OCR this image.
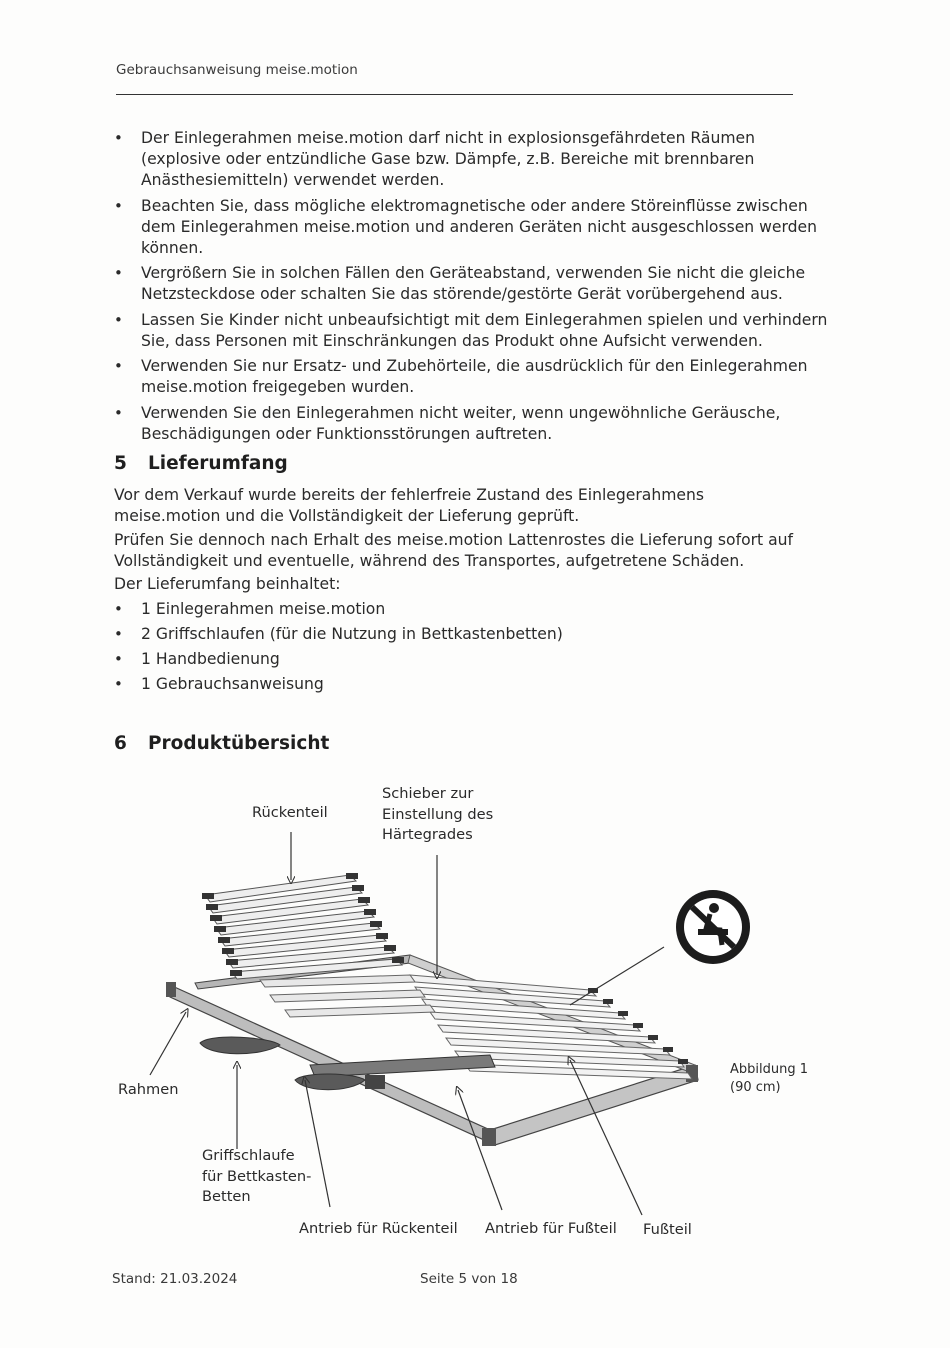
Gebrauchsanweisung meise.motion
• Der Einlegerahmen meise.motion darf nicht in explosionsgefährdeten Räumen (explosive oder entzündliche Gase bzw. Dämpfe, z.B. Bereiche mit brennbaren Anästhesiemitteln) verwendet werden.
• Beachten Sie, dass mögliche elektromagnetische oder andere Störeinflüsse zwischen dem Einlegerahmen meise.motion und anderen Geräten nicht ausgeschlossen werden können.
• Vergrößern Sie in solchen Fällen den Geräteabstand, verwenden Sie nicht die gleiche Netzsteckdose oder schalten Sie das störende/gestörte Gerät vorübergehend aus.
• Lassen Sie Kinder nicht unbeaufsichtigt mit dem Einlegerahmen spielen und verhindern Sie, dass Personen mit Einschränkungen das Produkt ohne Aufsicht verwenden.
• Verwenden Sie nur Ersatz- und Zubehörteile, die ausdrücklich für den Einlegerahmen meise.motion freigegeben wurden.
• Verwenden Sie den Einlegerahmen nicht weiter, wenn ungewöhnliche Geräusche, Beschädigungen oder Funktionsstörungen auftreten.
5 Lieferumfang

Vor dem Verkauf wurde bereits der fehlerfreie Zustand des Einlegerahmens meise.motion und die Vollständigkeit der Lieferung geprüft.

Prüfen Sie dennoch nach Erhalt des meise.motion Lattenrostes die Lieferung sofort auf Vollständigkeit und eventuelle, während des Transportes, aufgetretene Schäden.

Der Lieferumfang beinhaltet:

• 1 Einlegerahmen meise.motion
• 2 Griffschlaufen (für die Nutzung in Bettkastenbetten)
• 1 Handbedienung
• 1 Gebrauchsanweisung
6 Produktübersicht
Rückenteil
Schieber zur
Einstellung des
Härtegrades
Rahmen
Griffschlaufe
für Bettkasten-
Betten
Antrieb für Rückenteil Antrieb für Fußteil Fußteil
Abbildung 1
(90 cm)
Stand: 21.03.2024	Seite 5 von 18
